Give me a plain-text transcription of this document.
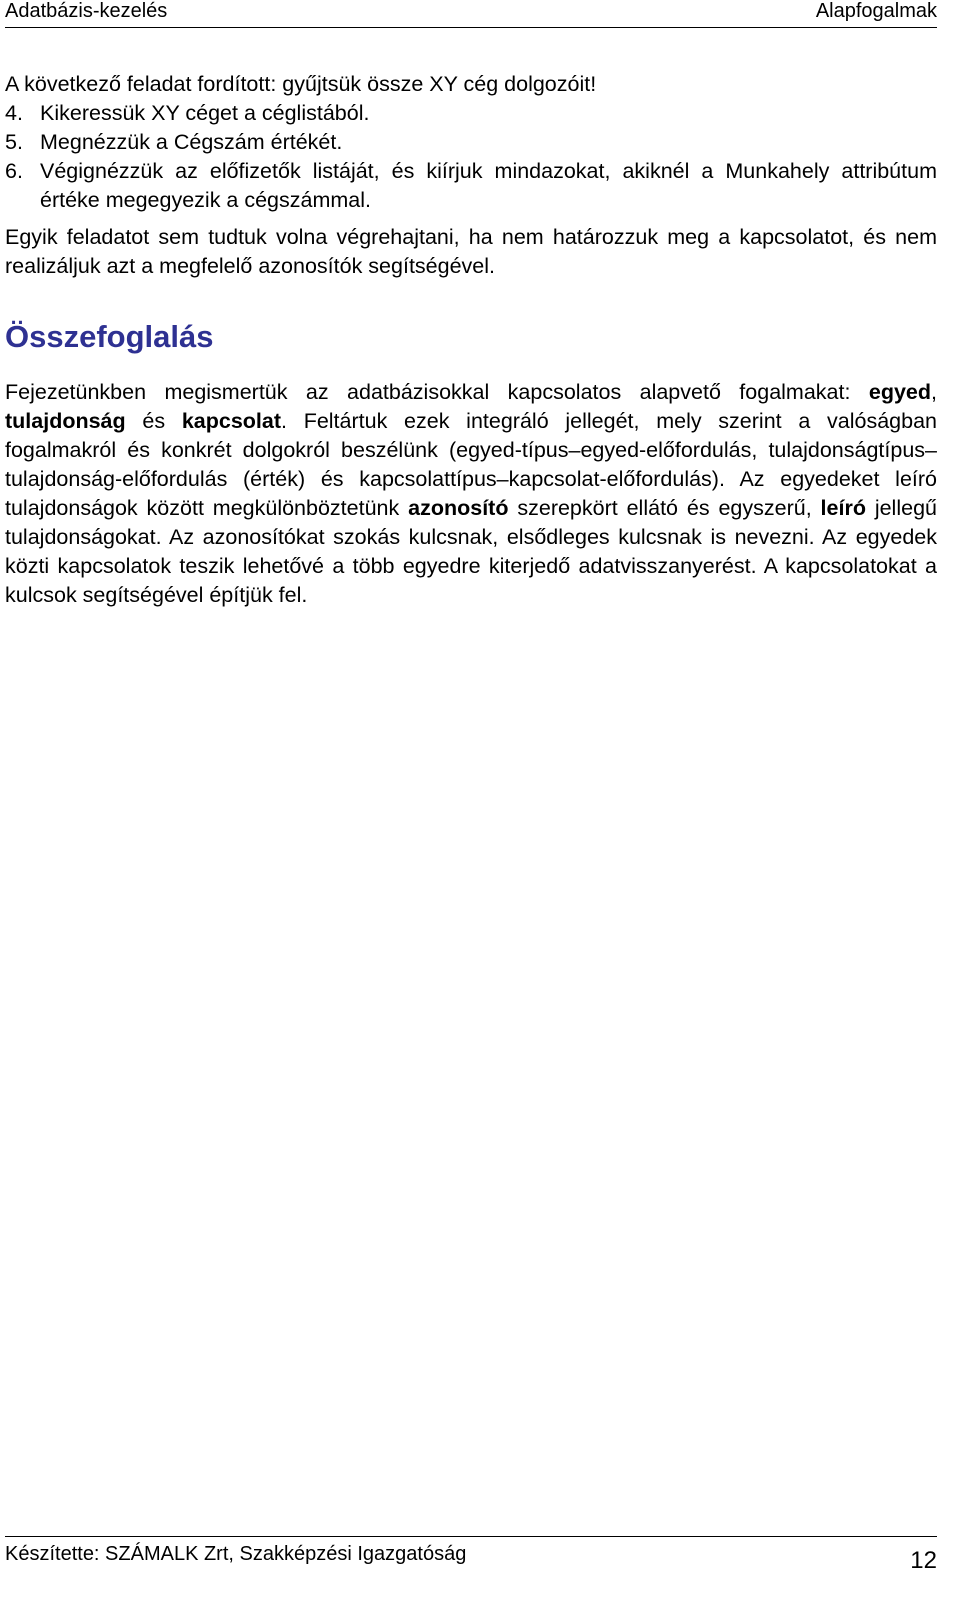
Adatbázis-kezelés	Alapfogalmak

A következő feladat fordított: gyűjtsük össze XY cég dolgozóit!

4. Kikeressük XY céget a céglistából.
5. Megnézzük a Cégszám értékét.
6. Végignézzük az előfizetők listáját, és kiírjuk mindazokat, akiknél a Munkahely attribútum értéke megegyezik a cégszámmal.

Egyik feladatot sem tudtuk volna végrehajtani, ha nem határozzuk meg a kapcsolatot, és nem realizáljuk azt a megfelelő azonosítók segítségével.

Összefoglalás

Fejezetünkben megismertük az adatbázisokkal kapcsolatos alapvető fogalmakat: egyed, tulajdonság és kapcsolat. Feltártuk ezek integráló jellegét, mely szerint a valóságban fogalmakról és konkrét dolgokról beszélünk (egyed-típus–egyed-előfordulás, tulajdonságtípus–tulajdonság-előfordulás (érték) és kapcsolattípus–kapcsolat-előfordulás). Az egyedeket leíró tulajdonságok között megkülönböztetünk azonosító szerepkört ellátó és egyszerű, leíró jellegű tulajdonságokat. Az azonosítókat szokás kulcsnak, elsődleges kulcsnak is nevezni. Az egyedek közti kapcsolatok teszik lehetővé a több egyedre kiterjedő adatvisszanyerést. A kapcsolatokat a kulcsok segítségével építjük fel.

Készítette: SZÁMALK Zrt, Szakképzési Igazgatóság	12
